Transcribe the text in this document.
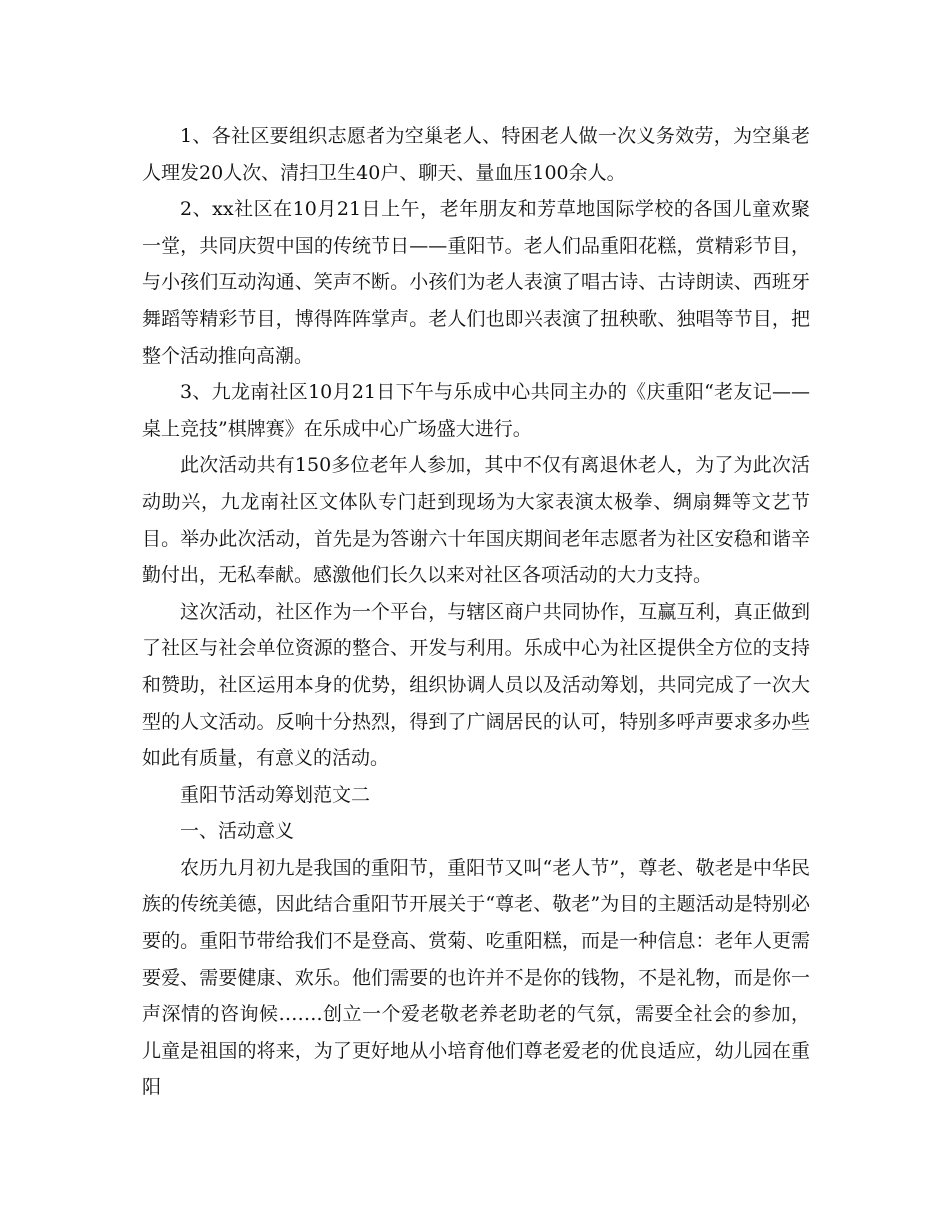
1、各社区要组织志愿者为空巢老人、特困老人做一次义务效劳，为空巢老人理发20人次、清扫卫生40户、聊天、量血压100余人。

2、xx社区在10月21日上午，老年朋友和芳草地国际学校的各国儿童欢聚一堂，共同庆贺中国的传统节日——重阳节。老人们品重阳花糕，赏精彩节目，与小孩们互动沟通、笑声不断。小孩们为老人表演了唱古诗、古诗朗读、西班牙舞蹈等精彩节目，博得阵阵掌声。老人们也即兴表演了扭秧歌、独唱等节目，把整个活动推向高潮。

3、九龙南社区10月21日下午与乐成中心共同主办的《庆重阳“老友记——桌上竞技”棋牌赛》在乐成中心广场盛大进行。

此次活动共有150多位老年人参加，其中不仅有离退休老人，为了为此次活动助兴，九龙南社区文体队专门赶到现场为大家表演太极拳、绸扇舞等文艺节目。举办此次活动，首先是为答谢六十年国庆期间老年志愿者为社区安稳和谐辛勤付出，无私奉献。感激他们长久以来对社区各项活动的大力支持。

这次活动，社区作为一个平台，与辖区商户共同协作，互赢互利，真正做到了社区与社会单位资源的整合、开发与利用。乐成中心为社区提供全方位的支持和赞助，社区运用本身的优势，组织协调人员以及活动筹划，共同完成了一次大型的人文活动。反响十分热烈，得到了广阔居民的认可，特别多呼声要求多办些如此有质量，有意义的活动。

重阳节活动筹划范文二

一、活动意义

农历九月初九是我国的重阳节，重阳节又叫“老人节”，尊老、敬老是中华民族的传统美德，因此结合重阳节开展关于“尊老、敬老”为目的主题活动是特别必要的。重阳节带给我们不是登高、赏菊、吃重阳糕，而是一种信息：老年人更需要爱、需要健康、欢乐。他们需要的也许并不是你的钱物，不是礼物，而是你一声深情的咨询候…….创立一个爱老敬老养老助老的气氛，需要全社会的参加，儿童是祖国的将来，为了更好地从小培育他们尊老爱老的优良适应，幼儿园在重阳
